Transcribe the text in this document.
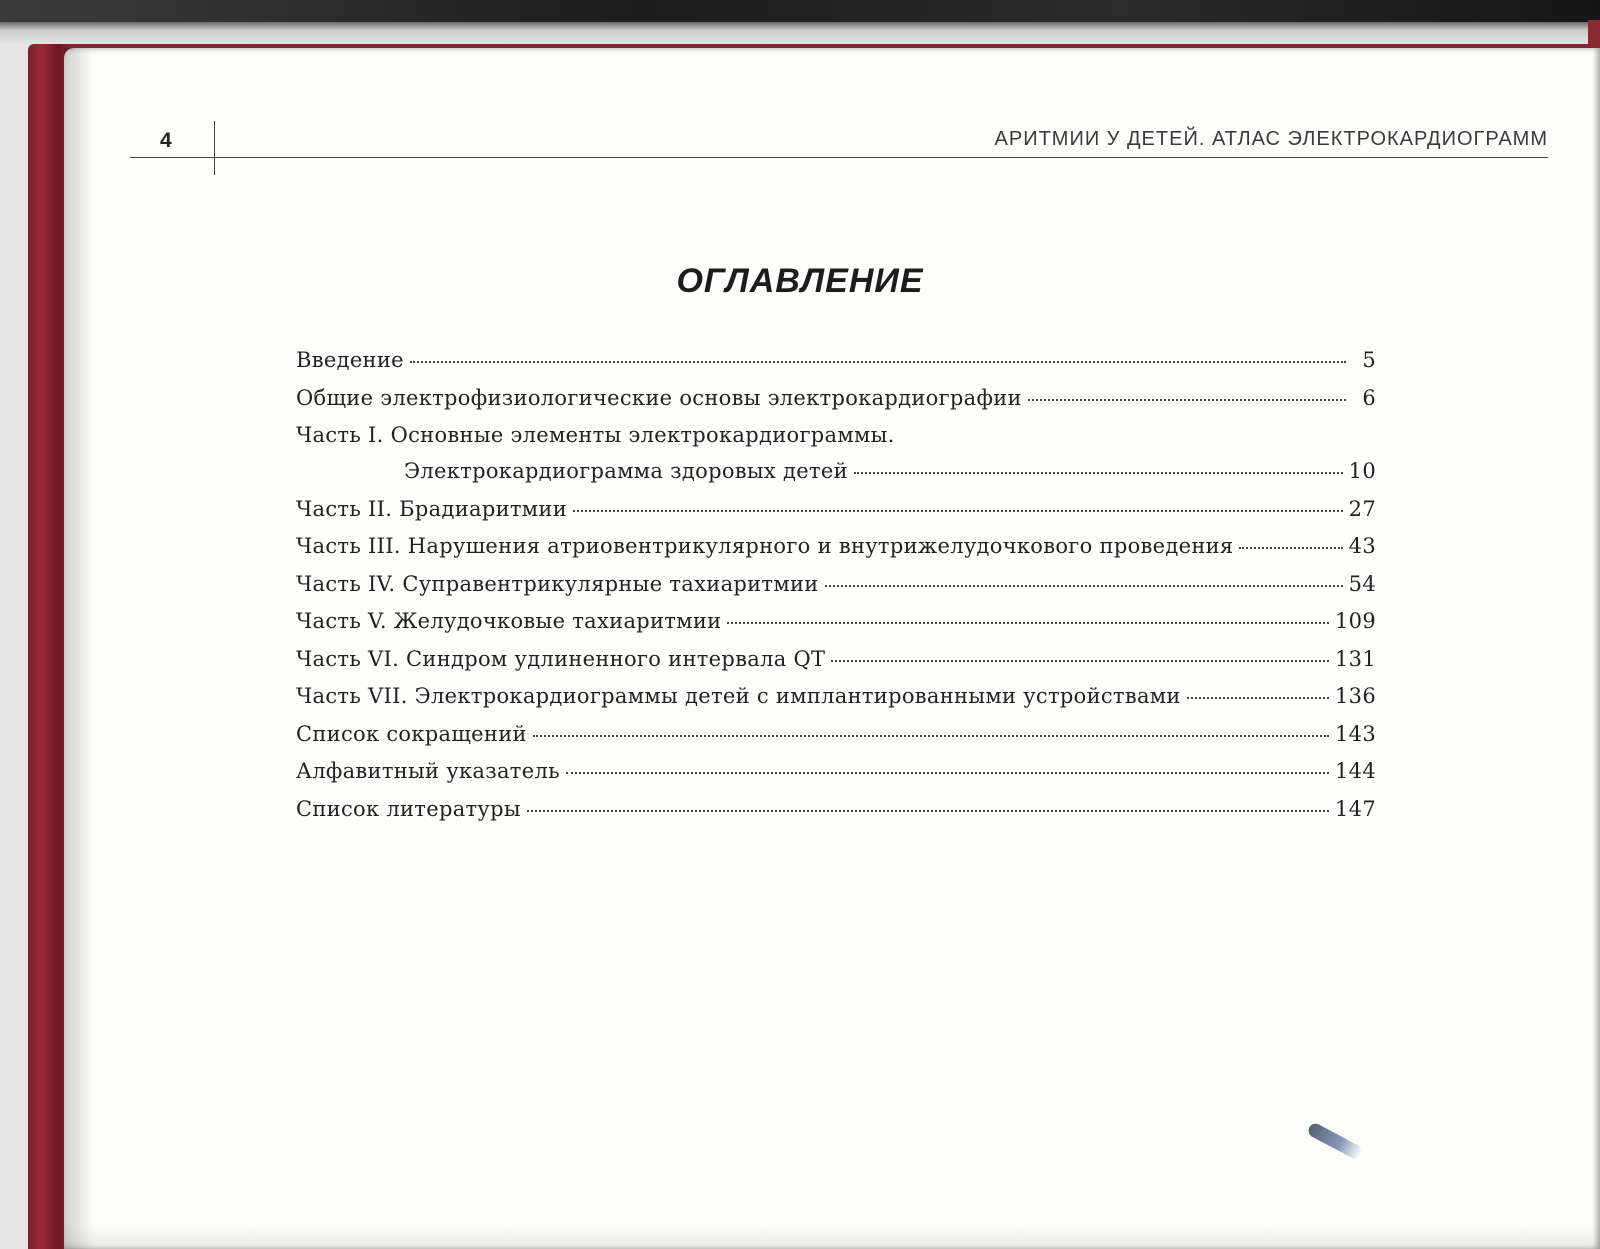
4	АРИТМИИ У ДЕТЕЙ. АТЛАС ЭЛЕКТРОКАРДИОГРАММ
ОГЛАВЛЕНИЕ
Введение	5
Общие электрофизиологические основы электрокардиографии	6
Часть I. Основные элементы электрокардиограммы.
Электрокардиограмма здоровых детей	10
Часть II. Брадиаритмии	27
Часть III. Нарушения атриовентрикулярного и внутрижелудочкового проведения	43
Часть IV. Суправентрикулярные тахиаритмии	54
Часть V. Желудочковые тахиаритмии	109
Часть VI. Синдром удлиненного интервала QT	131
Часть VII. Электрокардиограммы детей с имплантированными устройствами	136
Список сокращений	143
Алфавитный указатель	144
Список литературы	147
